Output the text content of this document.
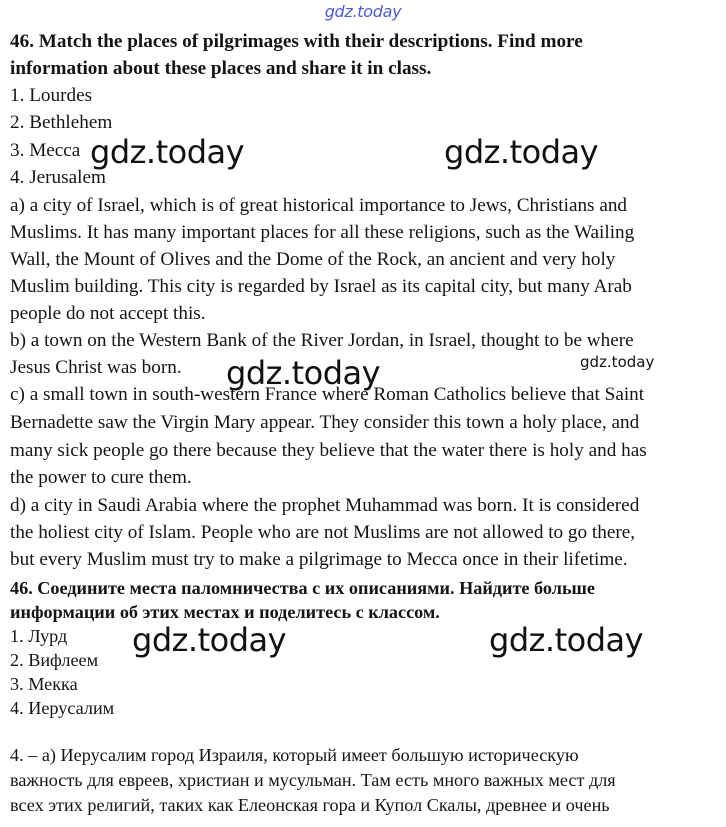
gdz.today
46. Match the places of pilgrimages with their descriptions. Find more
information about these places and share it in class.
1. Lourdes
2. Bethlehem
3. Mecca
4. Jerusalem
a) a city of Israel, which is of great historical importance to Jews, Christians and
Muslims. It has many important places for all these religions, such as the Wailing
Wall, the Mount of Olives and the Dome of the Rock, an ancient and very holy
Muslim building. This city is regarded by Israel as its capital city, but many Arab
people do not accept this.
b) a town on the Western Bank of the River Jordan, in Israel, thought to be where
Jesus Christ was born.
c) a small town in south-western France where Roman Catholics believe that Saint
Bernadette saw the Virgin Mary appear. They consider this town a holy place, and
many sick people go there because they believe that the water there is holy and has
the power to cure them.
d) a city in Saudi Arabia where the prophet Muhammad was born. It is considered
the holiest city of Islam. People who are not Muslims are not allowed to go there,
but every Muslim must try to make a pilgrimage to Mecca once in their lifetime.
46. Соедините места паломничества с их описаниями. Найдите больше
информации об этих местах и поделитесь с классом.
1. Лурд
2. Вифлеем
3. Мекка
4. Иерусалим
4. – а) Иерусалим город Израиля, который имеет большую историческую
важность для евреев, христиан и мусульман. Там есть много важных мест для
всех этих религий, таких как Елеонская гора и Купол Скалы, древнее и очень
gdz.today	gdz.today
gdz.today
gdz.today
gdz.today	gdz.today
